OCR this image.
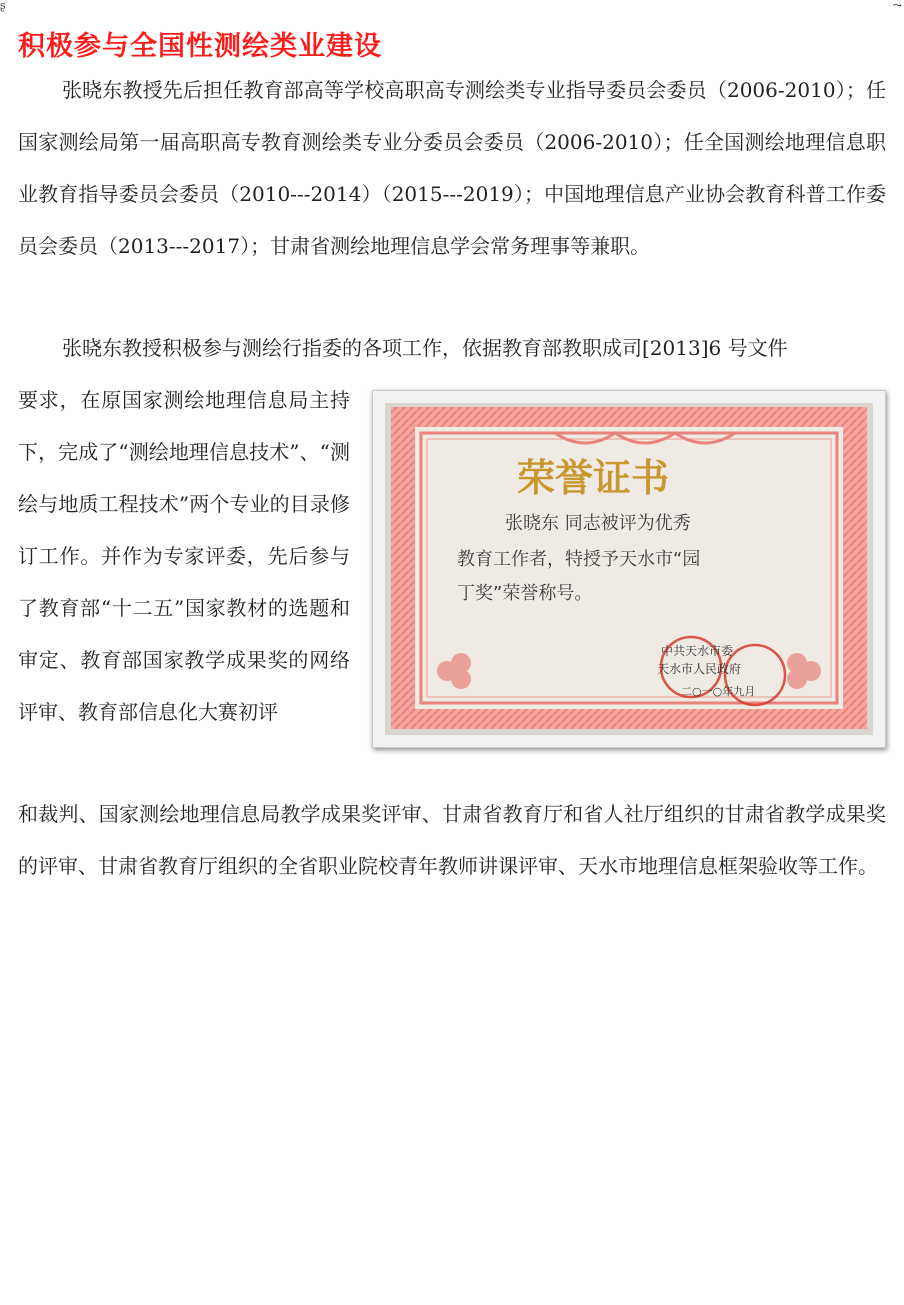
ʂ	⤳
积极参与全国性测绘类业建设
张晓东教授先后担任教育部高等学校高职高专测绘类专业指导委员会委员（2006-2010）；任国家测绘局第一届高职高专教育测绘类专业分委员会委员（2006-2010）；任全国测绘地理信息职业教育指导委员会委员（2010---2014）（2015---2019）；中国地理信息产业协会教育科普工作委员会委员（2013---2017）；甘肃省测绘地理信息学会常务理事等兼职。
张晓东教授积极参与测绘行指委的各项工作，依据教育部教职成司[2013]6 号文件
要求，在原国家测绘地理信息局主持下，完成了“测绘地理信息技术”、“测绘与地质工程技术”两个专业的目录修订工作。并作为专家评委，先后参与了教育部“十二五”国家教材的选题和审定、教育部国家教学成果奖的网络评审、教育部信息化大赛初评
和裁判、国家测绘地理信息局教学成果奖评审、甘肃省教育厅和省人社厅组织的甘肃省教学成果奖的评审、甘肃省教育厅组织的全省职业院校青年教师讲课评审、天水市地理信息框架验收等工作。
荣誉证书
张晓东 同志被评为优秀
教育工作者，特授予天水市“园
丁奖”荣誉称号。
中共天水市委
天水市人民政府
二○一○年九月
